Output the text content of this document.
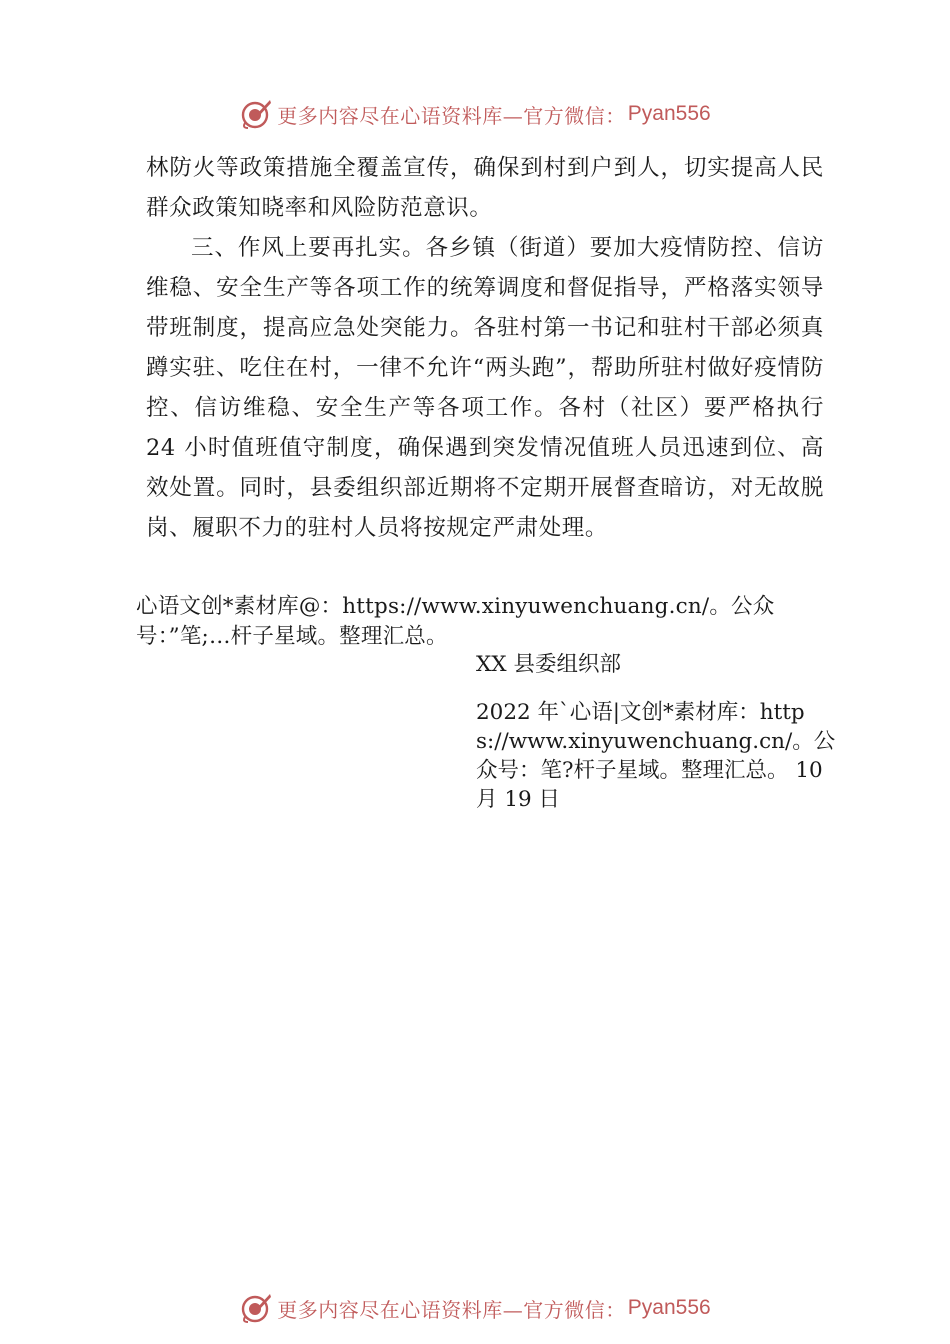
更多内容尽在心语资料库—官方微信： Pyan556

林防火等政策措施全覆盖宣传，确保到村到户到人，切实提高人民群众政策知晓率和风险防范意识。

三、作风上要再扎实。各乡镇（街道）要加大疫情防控、信访维稳、安全生产等各项工作的统筹调度和督促指导，严格落实领导带班制度，提高应急处突能力。各驻村第一书记和驻村干部必须真蹲实驻、吃住在村，一律不允许“两头跑”，帮助所驻村做好疫情防控、信访维稳、安全生产等各项工作。各村（社区）要严格执行 24 小时值班值守制度，确保遇到突发情况值班人员迅速到位、高效处置。同时，县委组织部近期将不定期开展督查暗访，对无故脱岗、履职不力的驻村人员将按规定严肃处理。

心语文创*素材库@：https://www.xinyuwenchuang.cn/。公众号：”笔;…杆子星域。整理汇总。
XX 县委组织部
2022 年`心语|文创*素材库：https://www.xinyuwenchuang.cn/。公众号：笔?杆子星域。整理汇总。 10 月 19 日
更多内容尽在心语资料库—官方微信： Pyan556
